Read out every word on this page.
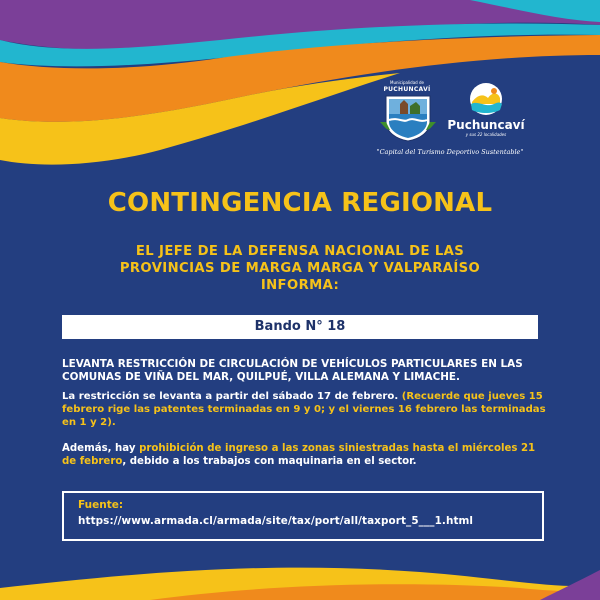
Municipalidad de
PUCHUNCAVÍ
Puchuncaví
y sus 22 localidades
"Capital del Turismo Deportivo Sustentable"
CONTINGENCIA REGIONAL
EL JEFE DE LA DEFENSA NACIONAL DE LAS
PROVINCIAS DE MARGA MARGA Y VALPARAÍSO
INFORMA:
Bando N° 18
LEVANTA RESTRICCIÓN DE CIRCULACIÓN DE VEHÍCULOS PARTICULARES EN LAS COMUNAS DE VIÑA DEL MAR, QUILPUÉ, VILLA ALEMANA Y LIMACHE.
La restricción se levanta a partir del sábado 17 de febrero. (Recuerde que jueves 15 febrero rige las patentes terminadas en 9 y 0; y el viernes 16 febrero las terminadas en 1 y 2).
Además, hay prohibición de ingreso a las zonas siniestradas hasta el miércoles 21 de febrero, debido a los trabajos con maquinaria en el sector.
Fuente:
https://www.armada.cl/armada/site/tax/port/all/taxport_5___1.html
